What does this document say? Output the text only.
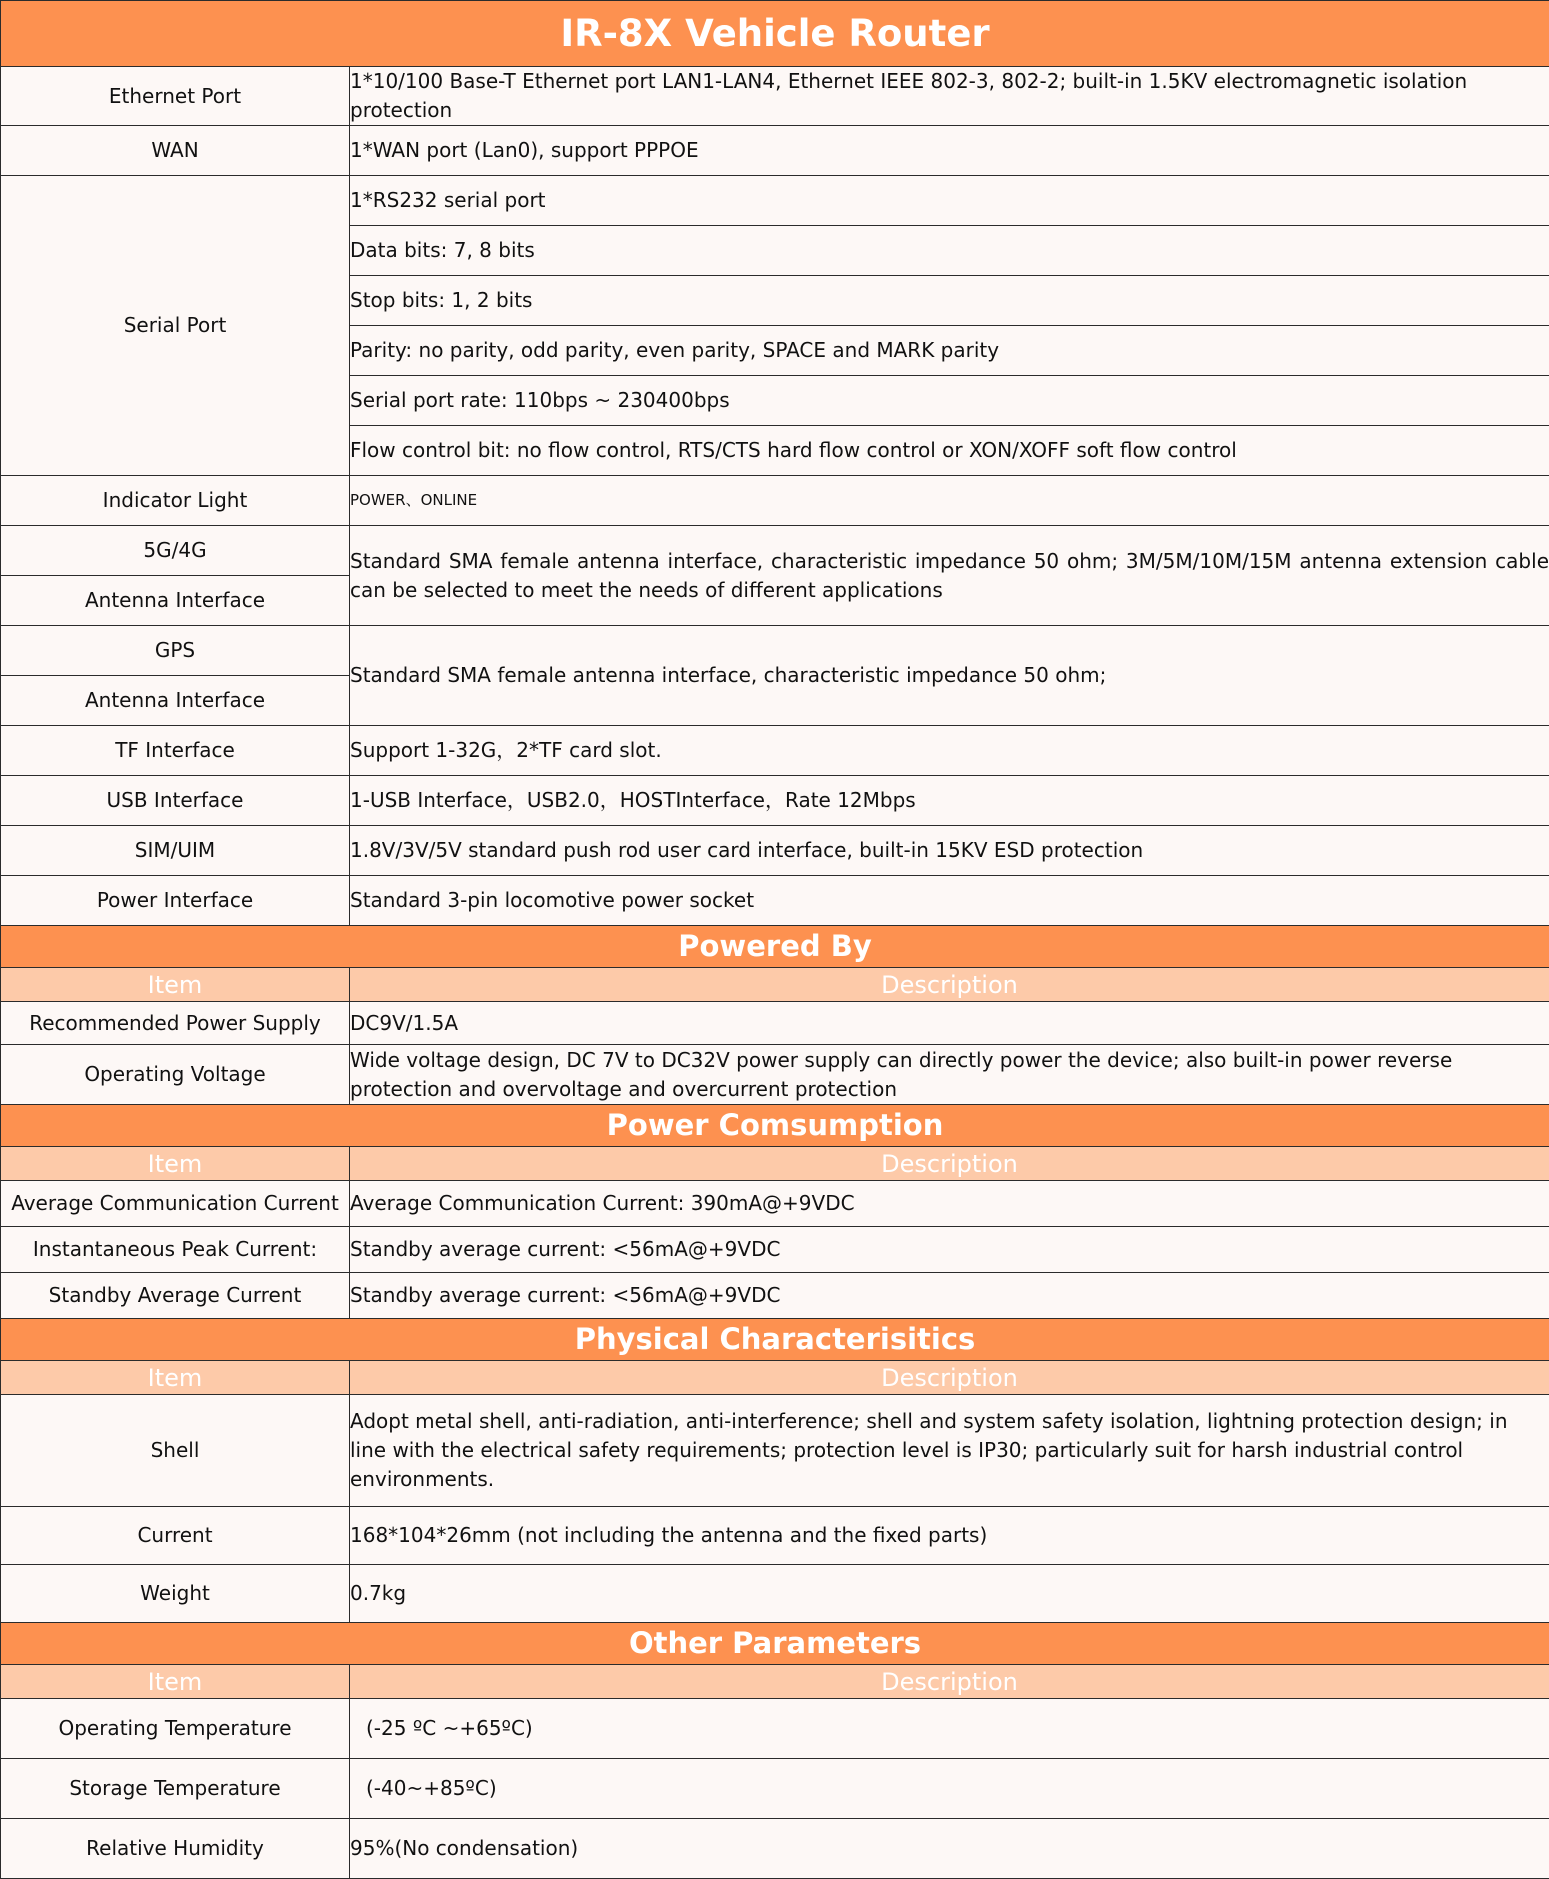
IR-8X Vehicle Router	
Ethernet Port	1*10/100 Base-T Ethernet port LAN1-LAN4, Ethernet IEEE 802-3, 802-2; built-in 1.5KV electromagnetic isolation protection
WAN	1*WAN port (Lan0), support PPPOE
Serial Port	1*RS232 serial port
	Data bits: 7, 8 bits
	Stop bits: 1, 2 bits
	Parity: no parity, odd parity, even parity, SPACE and MARK parity
	Serial port rate: 110bps ~ 230400bps
	Flow control bit: no flow control, RTS/CTS hard flow control or XON/XOFF soft flow control
Indicator Light	POWER、ONLINE
5G/4G	Standard SMA female antenna interface, characteristic impedance 50 ohm; 3M/5M/10M/15M antenna extension cable can be selected to meet the needs of different applications
Antenna Interface	
GPS	Standard SMA female antenna interface, characteristic impedance 50 ohm;
Antenna Interface	
TF Interface	Support 1-32G，2*TF card slot.
USB Interface	1-USB Interface，USB2.0，HOSTInterface，Rate 12Mbps
SIM/UIM	1.8V/3V/5V standard push rod user card interface, built-in 15KV ESD protection
Power Interface	Standard 3-pin locomotive power socket
Powered By	
Item	Description
Recommended Power Supply	DC9V/1.5A
Operating Voltage	Wide voltage design, DC 7V to DC32V power supply can directly power the device; also built-in power reverse protection and overvoltage and overcurrent protection
Power Comsumption	
Item	Description
Average Communication Current	Average Communication Current: 390mA@+9VDC
Instantaneous Peak Current:	Standby average current: <56mA@+9VDC
Standby Average Current	Standby average current: <56mA@+9VDC
Physical Characterisitics	
Item	Description
Shell	Adopt metal shell, anti-radiation, anti-interference; shell and system safety isolation, lightning protection design; in line with the electrical safety requirements; protection level is IP30; particularly suit for harsh industrial control environments.
Current	168*104*26mm (not including the antenna and the fixed parts)
Weight	0.7kg
Other Parameters	
Item	Description
Operating Temperature	(-25 ºC ~+65ºC)
Storage Temperature	(-40~+85ºC)
Relative Humidity	95%(No condensation)
